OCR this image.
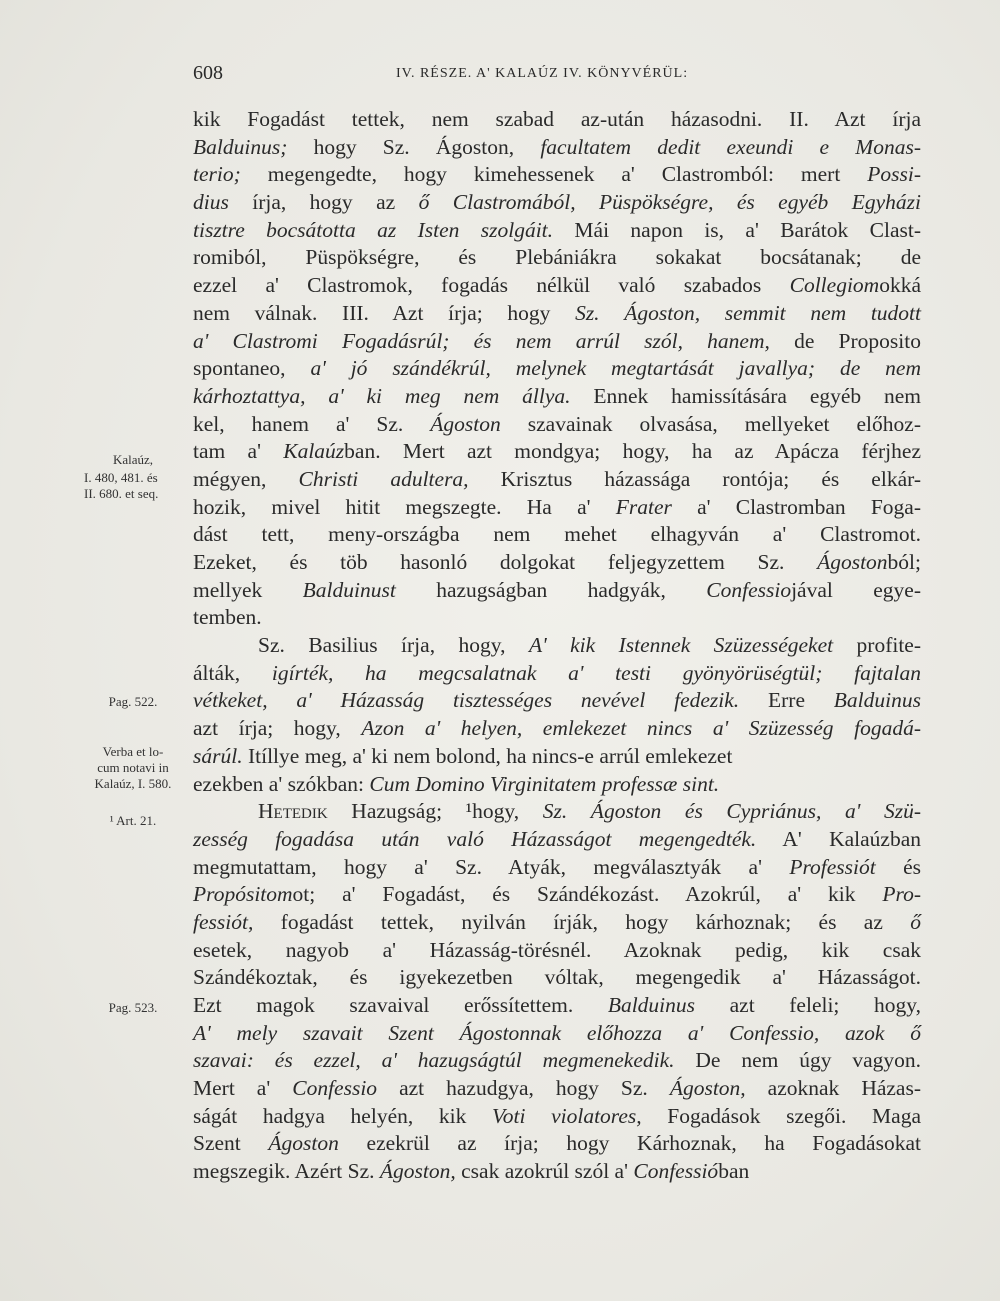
608	IV. RÉSZE. A' KALAÚZ IV. KÖNYVÉRÜL:
Kalaúz,
I. 480, 481. és
II. 680. et seq.
Pag. 522.
Verba et lo-
cum notavi in
Kalaúz, I. 580.
¹ Art. 21.
Pag. 523.
kik Fogadást tettek, nem szabad az-után házasodni. II. Azt írja
Balduinus; hogy Sz. Ágoston, facultatem dedit exeundi e Monas-
terio; megengedte, hogy kimehessenek a' Clastromból: mert Possi-
dius írja, hogy az ő Clastromából, Püspökségre, és egyéb Egyházi
tisztre bocsátotta az Isten szolgáit. Mái napon is, a' Barátok Clast-
romiból, Püspökségre, és Plebániákra sokakat bocsátanak; de
ezzel a' Clastromok, fogadás nélkül való szabados Collegiomokká
nem válnak. III. Azt írja; hogy Sz. Ágoston, semmit nem tudott
a' Clastromi Fogadásrúl; és nem arrúl szól, hanem, de Proposito
spontaneo, a' jó szándékrúl, melynek megtartását javallya; de nem
kárhoztattya, a' ki meg nem állya. Ennek hamissítására egyéb nem
kel, hanem a' Sz. Ágoston szavainak olvasása, mellyeket előhoz-
tam a' Kalaúzban. Mert azt mondgya; hogy, ha az Apácza férjhez
mégyen, Christi adultera, Krisztus házassága rontója; és elkár-
hozik, mivel hitit megszegte. Ha a' Frater a' Clastromban Foga-
dást tett, meny-országba nem mehet elhagyván a' Clastromot.
Ezeket, és töb hasonló dolgokat feljegyzettem Sz. Ágostonból;
mellyek Balduinust hazugságban hadgyák, Confessiojával egye-
temben.
Sz. Basilius írja, hogy, A' kik Istennek Szüzességeket profite-
álták, igírték, ha megcsalatnak a' testi gyönyörüségtül; fajtalan
vétkeket, a' Házasság tisztességes nevével fedezik. Erre Balduinus
azt írja; hogy, Azon a' helyen, emlekezet nincs a' Szüzesség fogadá-
sárúl. Itíllye meg, a' ki nem bolond, ha nincs-e arrúl emlekezet
ezekben a' szókban: Cum Domino Virginitatem professæ sint.
Hetedik Hazugság; ¹hogy, Sz. Ágoston és Cypriánus, a' Szü-
zesség fogadása után való Házasságot megengedték. A' Kalaúzban
megmutattam, hogy a' Sz. Atyák, megválasztyák a' Professiót és
Propósitomot; a' Fogadást, és Szándékozást. Azokrúl, a' kik Pro-
fessiót, fogadást tettek, nyilván írják, hogy kárhoznak; és az ő
esetek, nagyob a' Házasság-törésnél. Azoknak pedig, kik csak
Szándékoztak, és igyekezetben vóltak, megengedik a' Házasságot.
Ezt magok szavaival erőssítettem. Balduinus azt feleli; hogy,
A' mely szavait Szent Ágostonnak előhozza a' Confessio, azok ő
szavai: és ezzel, a' hazugságtúl megmenekedik. De nem úgy vagyon.
Mert a' Confessio azt hazudgya, hogy Sz. Ágoston, azoknak Házas-
ságát hadgya helyén, kik Voti violatores, Fogadások szegői. Maga
Szent Ágoston ezekrül az írja; hogy Kárhoznak, ha Fogadásokat
megszegik. Azért Sz. Ágoston, csak azokrúl szól a' Confessióban
